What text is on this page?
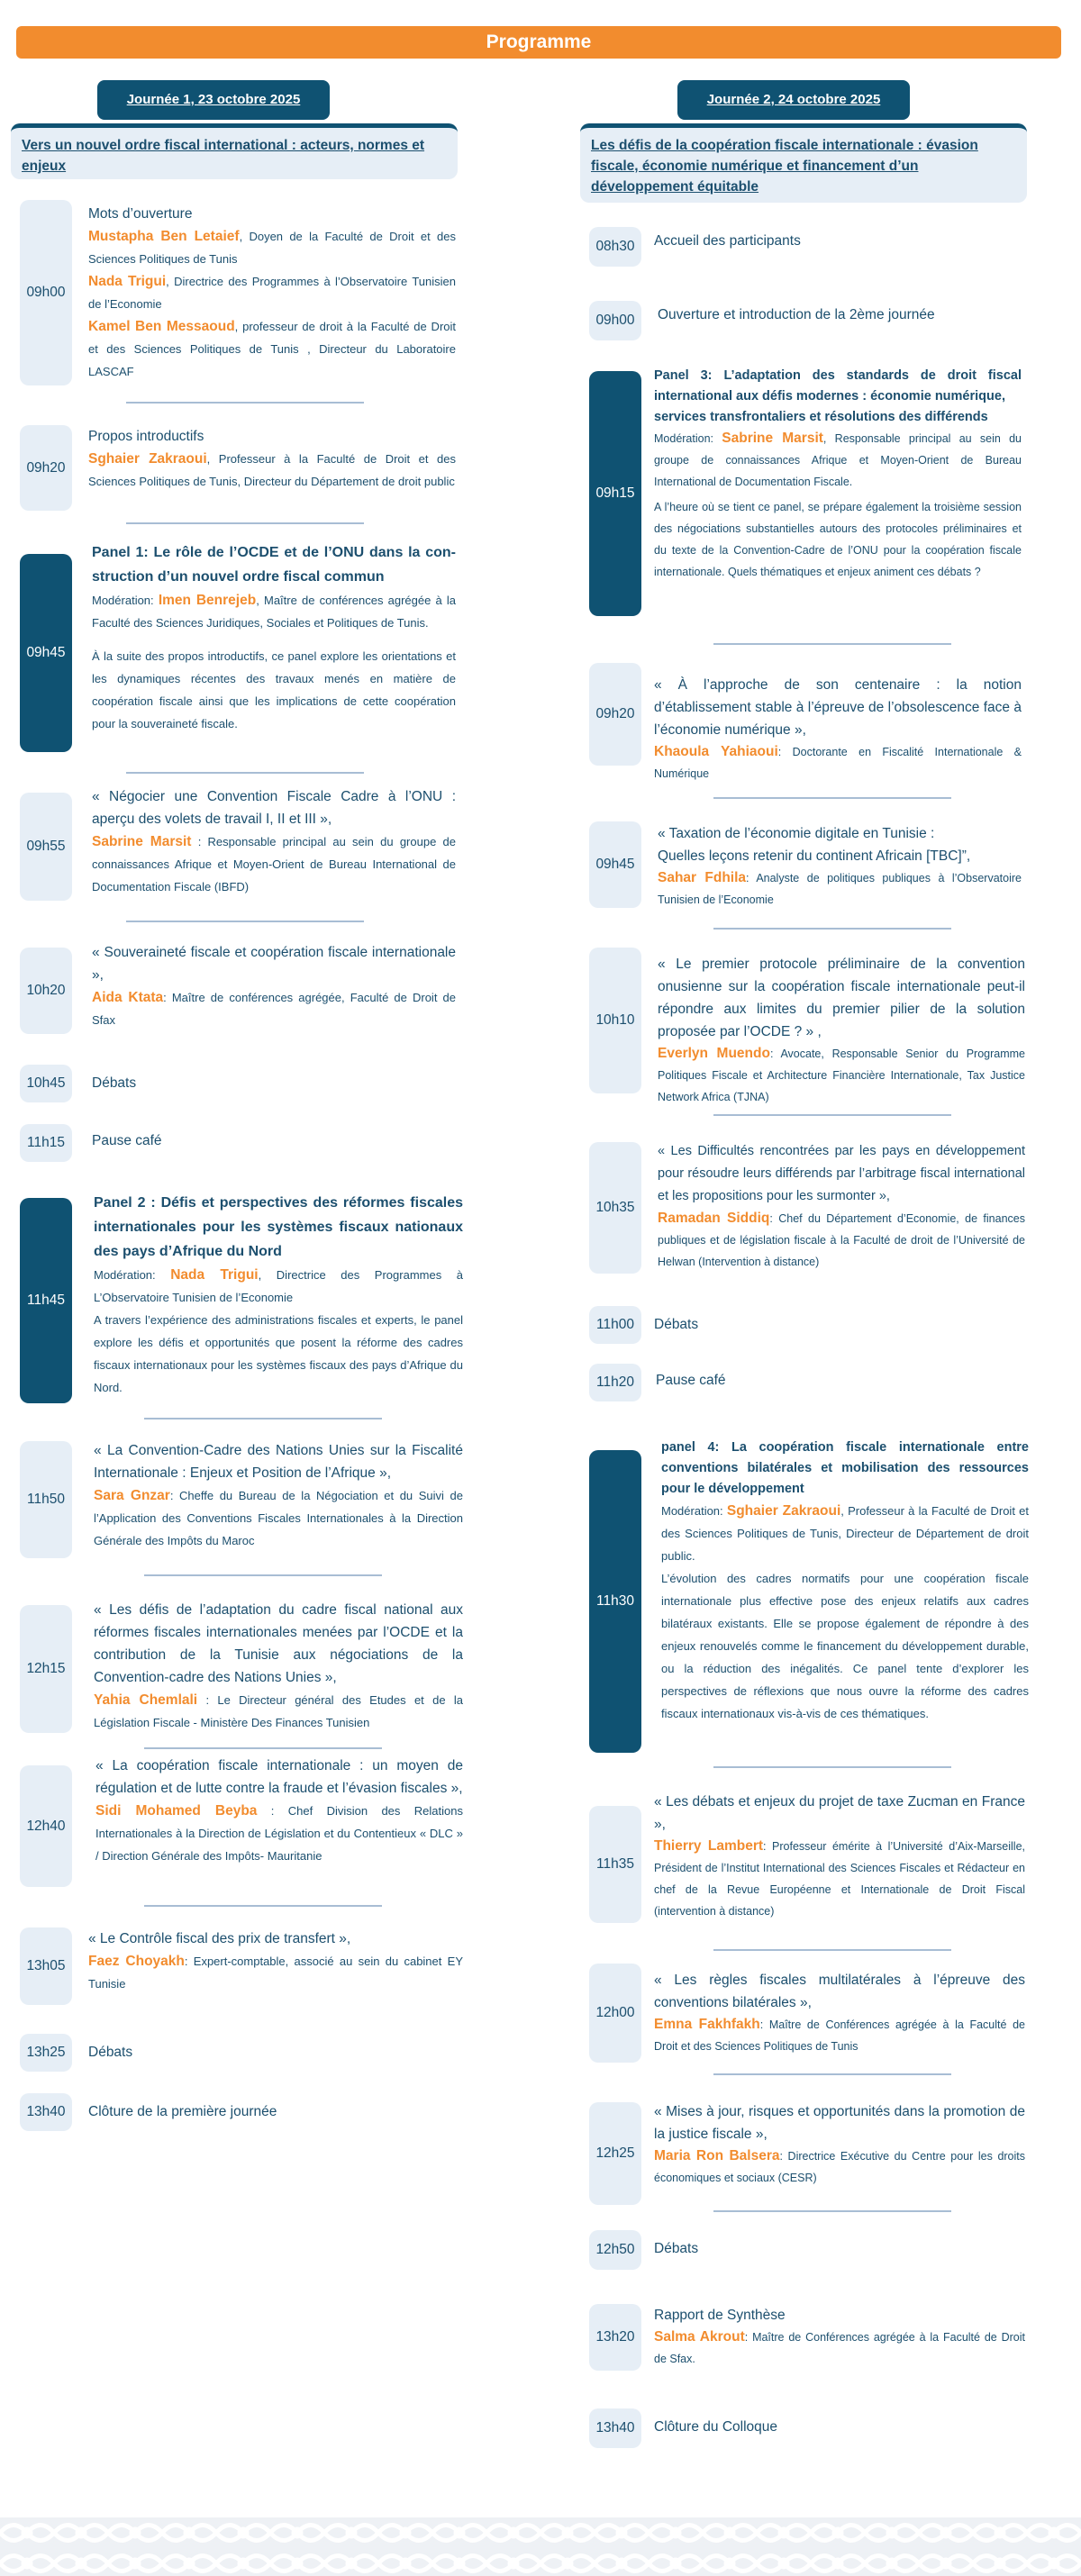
Programme
Journée 1, 23 octobre 2025
Vers un nouvel ordre fiscal international : acteurs, normes et enjeux
09h00
Mots d’ouverture
Mustapha Ben Letaief, Doyen de la Faculté de Droit et des Sciences Politiques de Tunis
Nada Trigui, Directrice des Programmes à l’Observatoire Tunisien de l’Economie
Kamel Ben Messaoud, professeur de droit à la Faculté de Droit et des Sciences Politiques de Tunis , Directeur du Laboratoire LASCAF
09h20
Propos introductifs
Sghaier Zakraoui, Professeur à la Faculté de Droit et des Sciences Politiques de Tunis, Directeur du Département de droit public
09h45
Panel 1: Le rôle de l’OCDE et de l’ONU dans la con-struction d’un nouvel ordre fiscal commun
Modération: Imen Benrejeb, Maître de conférences agrégée à la Faculté des Sciences Juridiques, Sociales et Politiques de Tunis.
À la suite des propos introductifs, ce panel explore les orientations et les dynamiques récentes des travaux menés en matière de coopération fiscale ainsi que les implications de cette coopération pour la souveraineté fiscale.
09h55
« Négocier une Convention Fiscale Cadre à l’ONU : aperçu des volets de travail I, II et III »,
Sabrine Marsit : Responsable principal au sein du groupe de connaissances Afrique et Moyen-Orient de Bureau International de Documentation Fiscale (IBFD)
10h20
« Souveraineté fiscale et coopération fiscale internationale »,
Aida Ktata: Maître de conférences agrégée, Faculté de Droit de Sfax
10h45	Débats
11h15	Pause café
11h45
Panel 2 : Défis et perspectives des réformes fiscales internationales pour les systèmes fiscaux nationaux des pays d’Afrique du Nord
Modération: Nada Trigui, Directrice des Programmes à L’Observatoire Tunisien de l’Economie
A travers l’expérience des administrations fiscales et experts, le panel explore les défis et opportunités que posent la réforme des cadres fiscaux internationaux pour les systèmes fiscaux des pays d’Afrique du Nord.
11h50
« La Convention-Cadre des Nations Unies sur la Fiscalité Internationale : Enjeux et Position de l’Afrique »,
Sara Gnzar: Cheffe du Bureau de la Négociation et du Suivi de l’Application des Conventions Fiscales Internationales à la Direction Générale des Impôts du Maroc
12h15
« Les défis de l’adaptation du cadre fiscal national aux réformes fiscales internationales menées par l’OCDE et la contribution de la Tunisie aux négociations de la Convention-cadre des Nations Unies »,
Yahia Chemlali : Le Directeur général des Etudes et de la Législation Fiscale - Ministère Des Finances Tunisien
12h40
« La coopération fiscale internationale : un moyen de régulation et de lutte contre la fraude et l’évasion fiscales »,
Sidi Mohamed Beyba : Chef Division des Relations Internationales à la Direction de Législation et du Contentieux « DLC » / Direction Générale des Impôts- Mauritanie
13h05
« Le Contrôle fiscal des prix de transfert »,
Faez Choyakh: Expert-comptable, associé au sein du cabinet EY Tunisie
13h25	Débats
13h40	Clôture de la première journée
Journée 2, 24 octobre 2025
Les défis de la coopération fiscale internationale : évasion fiscale, économie numérique et financement d’un développement équitable
08h30	Accueil des participants
09h00	Ouverture et introduction de la 2ème journée
09h15
Panel 3: L’adaptation des standards de droit fiscal international aux défis modernes : économie numérique,
services transfrontaliers et résolutions des différends
Modération: Sabrine Marsit, Responsable principal au sein du groupe de connaissances Afrique et Moyen-Orient de Bureau International de Documentation Fiscale.
A l’heure où se tient ce panel, se prépare également la troisième session des négociations substantielles autours des protocoles préliminaires et du texte de la Convention-Cadre de l’ONU pour la coopération fiscale internationale. Quels thématiques et enjeux animent ces débats ?
09h20
« À l’approche de son centenaire : la notion d’établissement stable à l’épreuve de l’obsolescence face à l’économie numérique »,
Khaoula Yahiaoui: Doctorante en Fiscalité Internationale & Numérique
09h45
« Taxation de l’économie digitale en Tunisie :
Quelles leçons retenir du continent Africain [TBC]”,
Sahar Fdhila: Analyste de politiques publiques à l’Observatoire Tunisien de l’Economie
10h10
« Le premier protocole préliminaire de la convention onusienne sur la coopération fiscale internationale peut-il répondre aux limites du premier pilier de la solution proposée par l’OCDE ? » ,
Everlyn Muendo: Avocate, Responsable Senior du Programme Politiques Fiscale et Architecture Financière Internationale, Tax Justice Network Africa (TJNA)
10h35
« Les Difficultés rencontrées par les pays en développement pour résoudre leurs différends par l’arbitrage fiscal international et les propositions pour les surmonter »,
Ramadan Siddiq: Chef du Département d’Economie, de finances publiques et de législation fiscale à la Faculté de droit de l’Université de Helwan (Intervention à distance)
11h00	Débats
11h20	Pause café
11h30
panel 4: La coopération fiscale internationale entre conventions bilatérales et mobilisation des ressources pour le développement
Modération: Sghaier Zakraoui, Professeur à la Faculté de Droit et des Sciences Politiques de Tunis, Directeur de Département de droit public.
L’évolution des cadres normatifs pour une coopération fiscale internationale plus effective pose des enjeux relatifs aux cadres bilatéraux existants. Elle se propose également de répondre à des enjeux renouvelés comme le financement du développement durable, ou la réduction des inégalités. Ce panel tente d’explorer les perspectives de réflexions que nous ouvre la réforme des cadres fiscaux internationaux vis-à-vis de ces thématiques.
11h35
« Les débats et enjeux du projet de taxe Zucman en France »,
Thierry Lambert: Professeur émérite à l’Université d’Aix-Marseille, Président de l’Institut International des Sciences Fiscales et Rédacteur en chef de la Revue Européenne et Internationale de Droit Fiscal (intervention à distance)
12h00
« Les règles fiscales multilatérales à l’épreuve des conventions bilatérales »,
Emna Fakhfakh: Maître de Conférences agrégée à la Faculté de Droit et des Sciences Politiques de Tunis
12h25
« Mises à jour, risques et opportunités dans la promotion de la justice fiscale »,
Maria Ron Balsera: Directrice Exécutive du Centre pour les droits économiques et sociaux (CESR)
12h50	Débats
13h20
Rapport de Synthèse
Salma Akrout: Maître de Conférences agrégée à la Faculté de Droit de Sfax.
13h40	Clôture du Colloque
